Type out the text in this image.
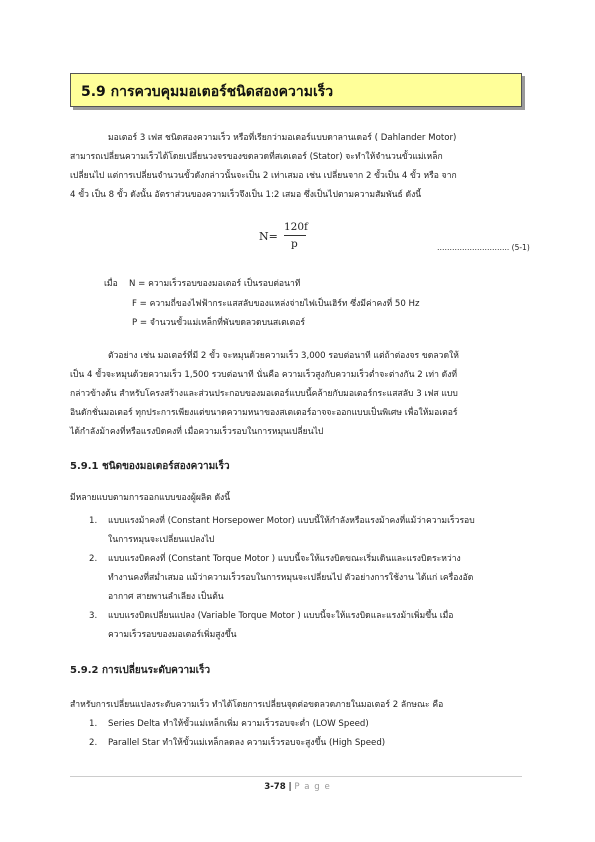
5.9 การควบคุมมอเตอร์ชนิดสองความเร็ว
มอเตอร์ 3 เฟส ชนิดสองความเร็ว หรือที่เรียกว่ามอเตอร์แบบดาลานเดอร์ ( Dahlander Motor)
สามารถเปลี่ยนความเร็วได้โดยเปลี่ยนวงจรของขดลวดที่สเตเตอร์ (Stator) จะทำให้จำนวนขั้วแม่เหล็ก
เปลี่ยนไป แต่การเปลี่ยนจำนวนขั้วดังกล่าวนั้นจะเป็น 2 เท่าเสมอ เช่น เปลี่ยนจาก 2 ขั้วเป็น 4 ขั้ว หรือ จาก
4 ขั้ว เป็น 8 ขั้ว ดังนั้น อัตราส่วนของความเร็วจึงเป็น 1:2 เสมอ ซึ่งเป็นไปตามความสัมพันธ์ ดังนี้
N=
120f
p	……………………….. (5-1)
เมื่อ N = ความเร็วรอบของมอเตอร์ เป็นรอบต่อนาที
F = ความถี่ของไฟฟ้ากระแสสลับของแหล่งจ่ายไฟเป็นเฮิร์ท ซึ่งมีค่าคงที่ 50 Hz
P = จำนวนขั้วแม่เหล็กที่พันขดลวดบนสเตเตอร์
ตัวอย่าง เช่น มอเตอร์ที่มี 2 ขั้ว จะหมุนด้วยความเร็ว 3,000 รอบต่อนาที แต่ถ้าต่องจร ขดลวดให้
เป็น 4 ขั้วจะหมุนด้วยความเร็ว 1,500 รวบต่อนาที นั่นคือ ความเร็วสูงกับความเร็วต่ำจะต่างกัน 2 เท่า ดังที่
กล่าวข้างต้น สำหรับโครงสร้างและส่วนประกอบของมอเตอร์แบบนี้คล้ายกับมอเตอร์กระแสสลับ 3 เฟส แบบ
อินดักชั่นมอเตอร์ ทุกประการเพียงแต่ขนาดความหนาของสเตเตอร์อาจจะออกแบบเป็นพิเศษ เพื่อให้มอเตอร์
ได้กำลังม้าคงที่หรือแรงบิดคงที่ เมื่อความเร็วรอบในการหมุนเปลี่ยนไป
5.9.1 ชนิดของมอเตอร์สองความเร็ว
มีหลายแบบตามการออกแบบของผู้ผลิต ดังนี้
1. แบบแรงม้าคงที่ (Constant Horsepower Motor) แบบนี้ให้กำลังหรือแรงม้าคงที่แม้ว่าความเร็วรอบ
ในการหมุนจะเปลี่ยนแปลงไป
2. แบบแรงบิดคงที่ (Constant Torque Motor ) แบบนี้จะให้แรงบิดขณะเริ่มเดินและแรงบิดระหว่าง
ทำงานคงที่สม่ำเสมอ แม้ว่าความเร็วรอบในการหมุนจะเปลี่ยนไป ตัวอย่างการใช้งาน ได้แก่ เครื่องอัด
อากาศ สายพานลำเลียง เป็นต้น
3. แบบแรงบิดเปลี่ยนแปลง (Variable Torque Motor ) แบบนี้จะให้แรงบิดและแรงม้าเพิ่มขึ้น เมื่อ
ความเร็วรอบของมอเตอร์เพิ่มสูงขึ้น
5.9.2 การเปลี่ยนระดับความเร็ว
สำหรับการเปลี่ยนแปลงระดับความเร็ว ทำได้โดยการเปลี่ยนจุดต่อขดลวดภายในมอเตอร์ 2 ลักษณะ คือ
1. Series Delta ทำให้ขั้วแม่เหล็กเพิ่ม ความเร็วรอบจะต่ำ (LOW Speed)
2. Parallel Star ทำให้ขั้วแม่เหล็กลดลง ความเร็วรอบจะสูงขึ้น (High Speed)
3-78 | P a g e
